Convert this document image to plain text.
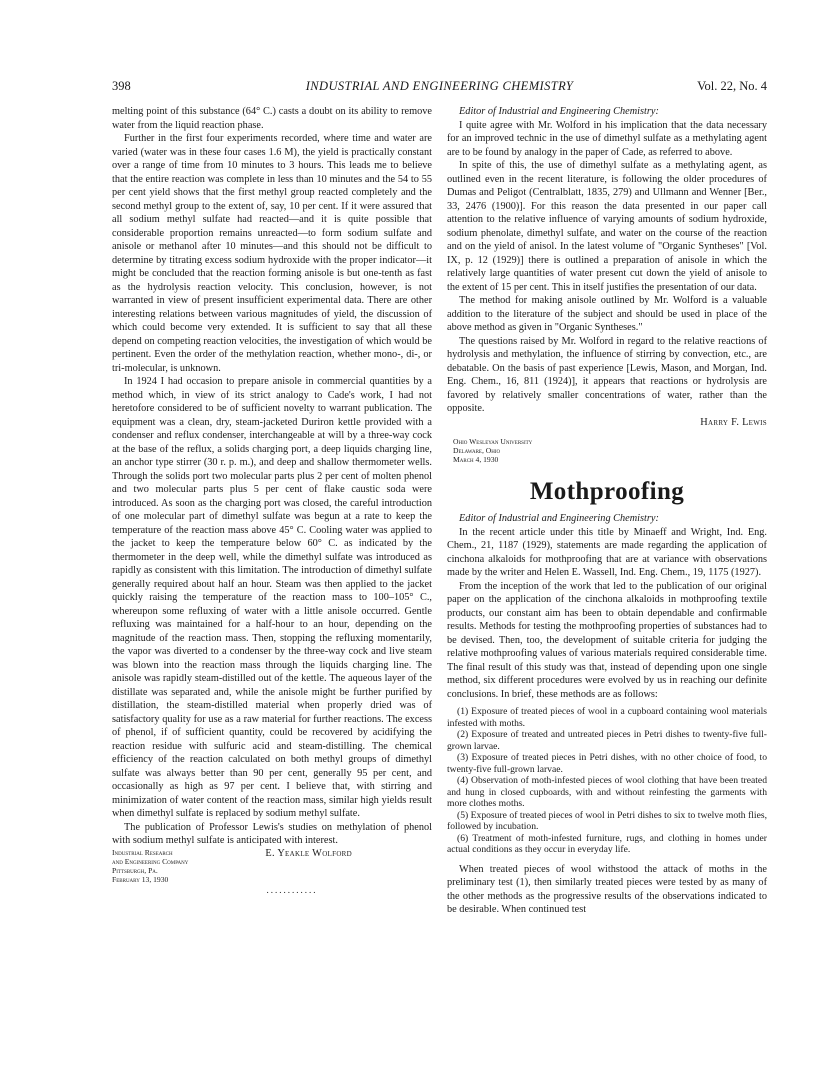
398	INDUSTRIAL AND ENGINEERING CHEMISTRY	Vol. 22, No. 4

melting point of this substance (64° C.) casts a doubt on its ability to remove water from the liquid reaction phase.

Further in the first four experiments recorded, where time and water are varied (water was in these four cases 1.6 M), the yield is practically constant over a range of time from 10 minutes to 3 hours. This leads me to believe that the entire reaction was complete in less than 10 minutes and the 54 to 55 per cent yield shows that the first methyl group reacted completely and the second methyl group to the extent of, say, 10 per cent. If it were assured that all sodium methyl sulfate had reacted—and it is quite possible that considerable proportion remains unreacted—to form sodium sulfate and anisole or methanol after 10 minutes—and this should not be difficult to determine by titrating excess sodium hydroxide with the proper indicator—it might be concluded that the reaction forming anisole is but one-tenth as fast as the hydrolysis reaction velocity. This conclusion, however, is not warranted in view of present insufficient experimental data. There are other interesting relations between various magnitudes of yield, the discussion of which could become very extended. It is sufficient to say that all these depend on competing reaction velocities, the investigation of which would be pertinent. Even the order of the methylation reaction, whether mono-, di-, or tri-molecular, is unknown.

In 1924 I had occasion to prepare anisole in commercial quantities by a method which, in view of its strict analogy to Cade's work, I had not heretofore considered to be of sufficient novelty to warrant publication. The equipment was a clean, dry, steam-jacketed Duriron kettle provided with a condenser and reflux condenser, interchangeable at will by a three-way cock at the base of the reflux, a solids charging port, a deep liquids charging line, an anchor type stirrer (30 r. p. m.), and deep and shallow thermometer wells. Through the solids port two molecular parts plus 2 per cent of molten phenol and two molecular parts plus 5 per cent of flake caustic soda were introduced. As soon as the charging port was closed, the careful introduction of one molecular part of dimethyl sulfate was begun at a rate to keep the temperature of the reaction mass above 45° C. Cooling water was applied to the jacket to keep the temperature below 60° C. as indicated by the thermometer in the deep well, while the dimethyl sulfate was introduced as rapidly as consistent with this limitation. The introduction of dimethyl sulfate generally required about half an hour. Steam was then applied to the jacket quickly raising the temperature of the reaction mass to 100–105° C., whereupon some refluxing of water with a little anisole occurred. Gentle refluxing was maintained for a half-hour to an hour, depending on the magnitude of the reaction mass. Then, stopping the refluxing momentarily, the vapor was diverted to a condenser by the three-way cock and live steam was blown into the reaction mass through the liquids charging line. The anisole was rapidly steam-distilled out of the kettle. The aqueous layer of the distillate was separated and, while the anisole might be further purified by distillation, the steam-distilled material when properly dried was of satisfactory quality for use as a raw material for further reactions. The excess of phenol, if of sufficient quantity, could be recovered by acidifying the reaction residue with sulfuric acid and steam-distilling. The chemical efficiency of the reaction calculated on both methyl groups of dimethyl sulfate was always better than 90 per cent, generally 95 per cent, and occasionally as high as 97 per cent. I believe that, with stirring and minimization of water content of the reaction mass, similar high yields result when dimethyl sulfate is replaced by sodium methyl sulfate.

The publication of Professor Lewis's studies on methylation of phenol with sodium methyl sulfate is anticipated with interest.

Industrial Research
and Engineering Company
Pittsburgh, Pa.
February 13, 1930
E. Yeakle Wolford
............

Editor of Industrial and Engineering Chemistry:

I quite agree with Mr. Wolford in his implication that the data necessary for an improved technic in the use of dimethyl sulfate as a methylating agent are to be found by analogy in the paper of Cade, as referred to above.

In spite of this, the use of dimethyl sulfate as a methylating agent, as outlined even in the recent literature, is following the older procedures of Dumas and Peligot (Centralblatt, 1835, 279) and Ullmann and Wenner [Ber., 33, 2476 (1900)]. For this reason the data presented in our paper call attention to the relative influence of varying amounts of sodium hydroxide, sodium phenolate, dimethyl sulfate, and water on the course of the reaction and on the yield of anisol. In the latest volume of "Organic Syntheses" [Vol. IX, p. 12 (1929)] there is outlined a preparation of anisole in which the relatively large quantities of water present cut down the yield of anisole to the extent of 15 per cent. This in itself justifies the presentation of our data.

The method for making anisole outlined by Mr. Wolford is a valuable addition to the literature of the subject and should be used in place of the above method as given in "Organic Syntheses."

The questions raised by Mr. Wolford in regard to the relative reactions of hydrolysis and methylation, the influence of stirring by convection, etc., are debatable. On the basis of past experience [Lewis, Mason, and Morgan, Ind. Eng. Chem., 16, 811 (1924)], it appears that reactions or hydrolysis are favored by relatively smaller concentrations of water, rather than the opposite.

Harry F. Lewis

Ohio Wesleyan University
Delaware, Ohio
March 4, 1930
Mothproofing

Editor of Industrial and Engineering Chemistry:

In the recent article under this title by Minaeff and Wright, Ind. Eng. Chem., 21, 1187 (1929), statements are made regarding the application of cinchona alkaloids for mothproofing that are at variance with observations made by the writer and Helen E. Wassell, Ind. Eng. Chem., 19, 1175 (1927).

From the inception of the work that led to the publication of our original paper on the application of the cinchona alkaloids in mothproofing textile products, our constant aim has been to obtain dependable and confirmable results. Methods for testing the mothproofing properties of substances had to be devised. Then, too, the development of suitable criteria for judging the relative mothproofing values of various materials required considerable time. The final result of this study was that, instead of depending upon one single method, six different procedures were evolved by us in reaching our definite conclusions. In brief, these methods are as follows:

(1) Exposure of treated pieces of wool in a cupboard containing wool materials infested with moths.
(2) Exposure of treated and untreated pieces in Petri dishes to twenty-five full-grown larvae.
(3) Exposure of treated pieces in Petri dishes, with no other choice of food, to twenty-five full-grown larvae.
(4) Observation of moth-infested pieces of wool clothing that have been treated and hung in closed cupboards, with and without reinfesting the garments with more clothes moths.
(5) Exposure of treated pieces of wool in Petri dishes to six to twelve moth flies, followed by incubation.
(6) Treatment of moth-infested furniture, rugs, and clothing in homes under actual conditions as they occur in everyday life.

When treated pieces of wool withstood the attack of moths in the preliminary test (1), then similarly treated pieces were tested by as many of the other methods as the progressive results of the observations indicated to be desirable. When continued test
